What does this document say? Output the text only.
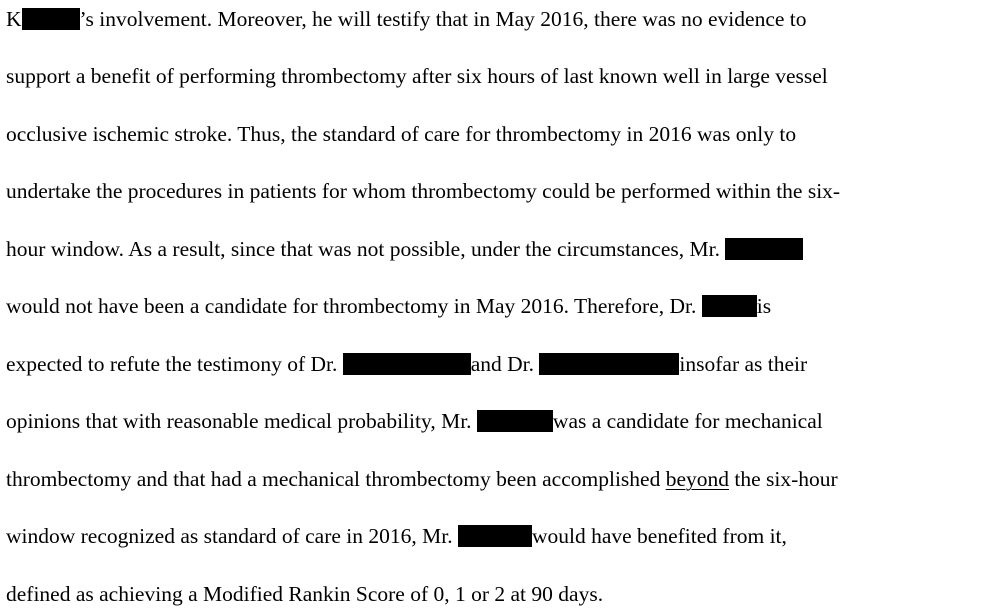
K	’s involvement. Moreover, he will testify that in May 2016, there was no evidence to
support a benefit of performing thrombectomy after six hours of last known well in large vessel
occlusive ischemic stroke. Thus, the standard of care for thrombectomy in 2016 was only to
undertake the procedures in patients for whom thrombectomy could be performed within the six-
hour window. As a result, since that was not possible, under the circumstances, Mr.
would not have been a candidate for thrombectomy in May 2016. Therefore, Dr.	is
expected to refute the testimony of Dr.	and Dr.	insofar as their
opinions that with reasonable medical probability, Mr.	was a candidate for mechanical
thrombectomy and that had a mechanical thrombectomy been accomplished beyond the six-hour
window recognized as standard of care in 2016, Mr.	would have benefited from it,
defined as achieving a Modified Rankin Score of 0, 1 or 2 at 90 days.
